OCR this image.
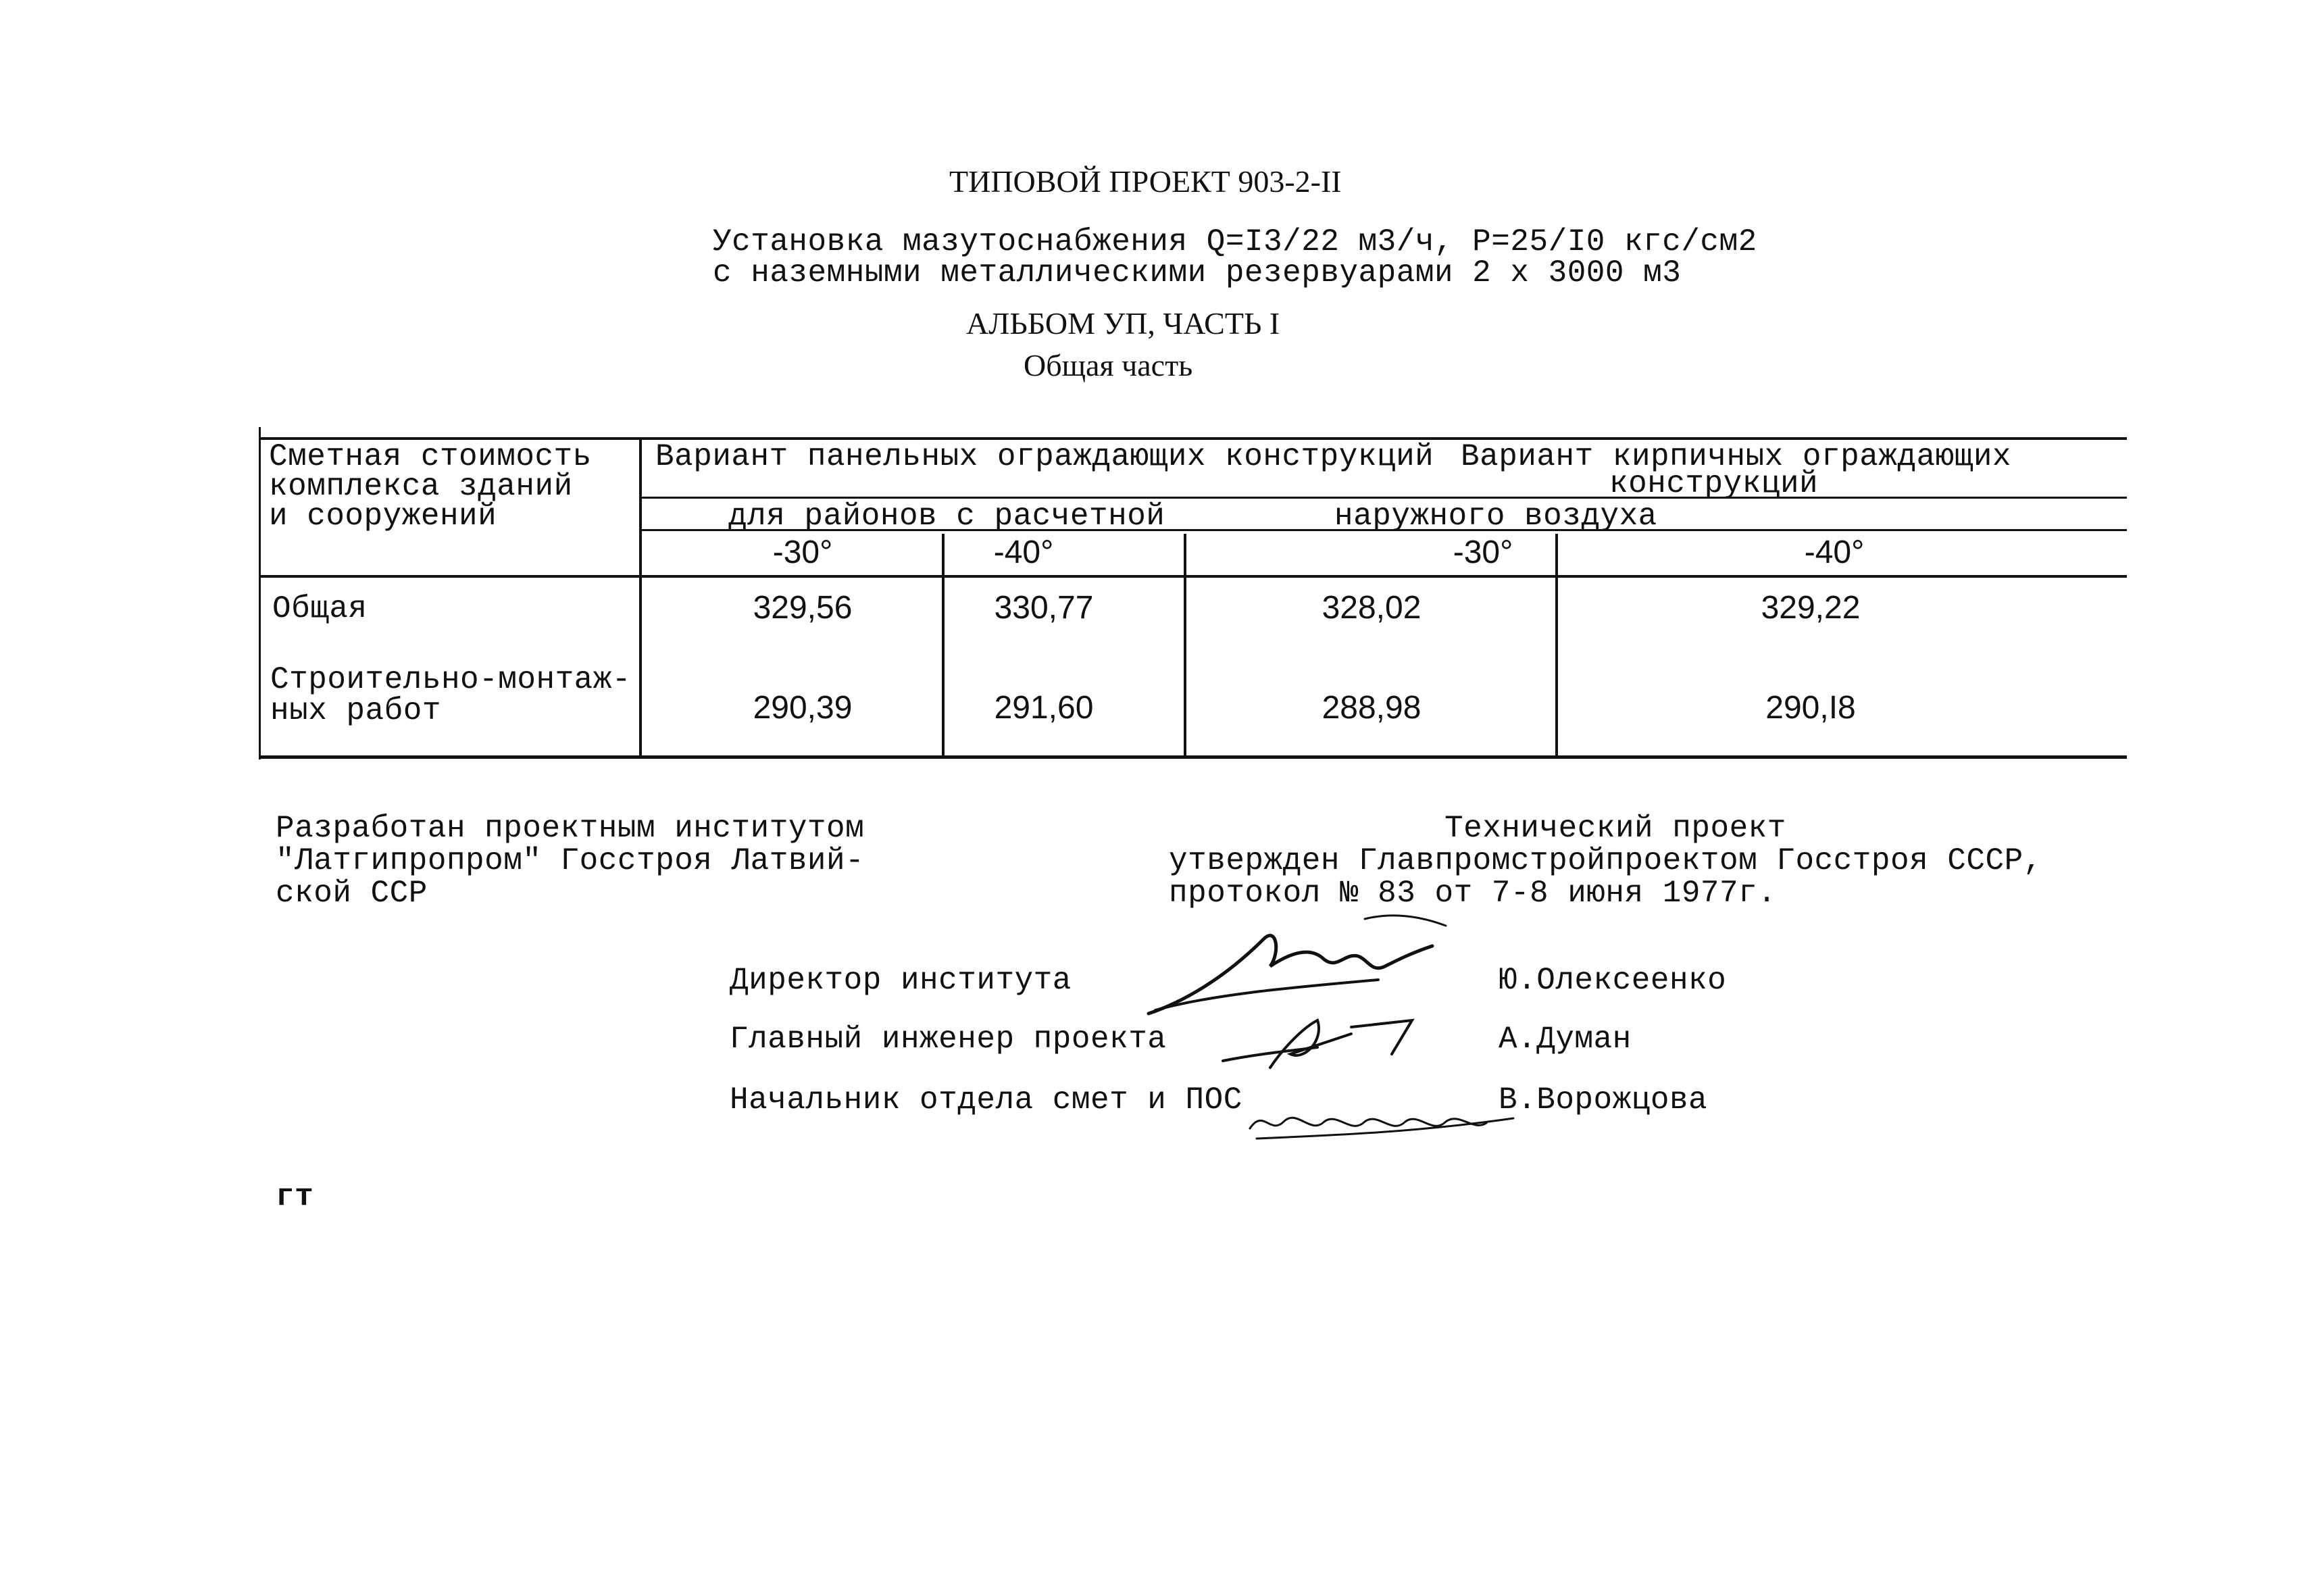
ТИПОВОЙ ПРОЕКТ 903-2-II
Установка мазутоснабжения Q=I3/22 м3/ч, P=25/I0 кгс/см2
с наземными металлическими резервуарами 2 х 3000 м3
АЛЬБОМ УП, ЧАСТЬ I
Общая часть
Сметная стоимость
комплекса зданий
и сооружений
Вариант панельных ограждающих конструкций Вариант кирпичных ограждающих
конструкций
для районов с расчетной	наружного воздуха
-30°	-40°	-30°	-40°
Общая	329,56	330,77	328,02	329,22
Строительно-монтаж-
ных работ	290,39	291,60	288,98	290,I8
Разработан проектным институтом
"Латгипропром" Госстроя Латвий-
ской ССР
Технический проект
утвержден Главпромстройпроектом Госстроя СССР,
протокол № 83 от 7-8 июня 1977г.
Директор института	Ю.Олексеенко
Главный инженер проекта	А.Думан
Начальник отдела смет и ПОС	В.Ворожцова
гт
